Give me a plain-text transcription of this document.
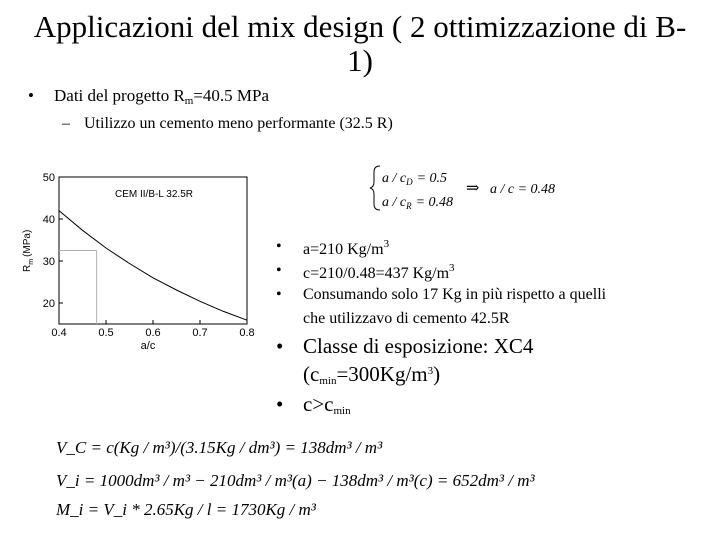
Applicazioni del mix design ( 2 ottimizzazione di B-
1)
• Dati del progetto $R_m=40.5$ MPa
– Utilizzo un cemento meno performante (32.5 R)
0.4	0.5	0.6	0.7	0.8
20
30
40
50
CEM II/B-L 32.5R
a/c
$R_m(MPa)$
$a / c_D = 0.5$
$a / c_R = 0.48$
⇒ a / c = 0.48
• a=210 $Kg/m^3$
• c=210/0.48=437 $Kg/m^3$
• Consumando solo 17 Kg in più rispetto a quelli
che utilizzavo di cemento 42.5R
• Classe di esposizione: XC4
$(c_{min}=300Kg/m^3)$
• $c>c_{min}$
V_C = c(Kg / m³)/(3.15Kg / dm³) = 138dm³ / m³
V_i = 1000dm³ / m³ − 210dm³ / m³(a) − 138dm³ / m³(c) = 652dm³ / m³
M_i = V_i * 2.65Kg / l = 1730Kg / m³
